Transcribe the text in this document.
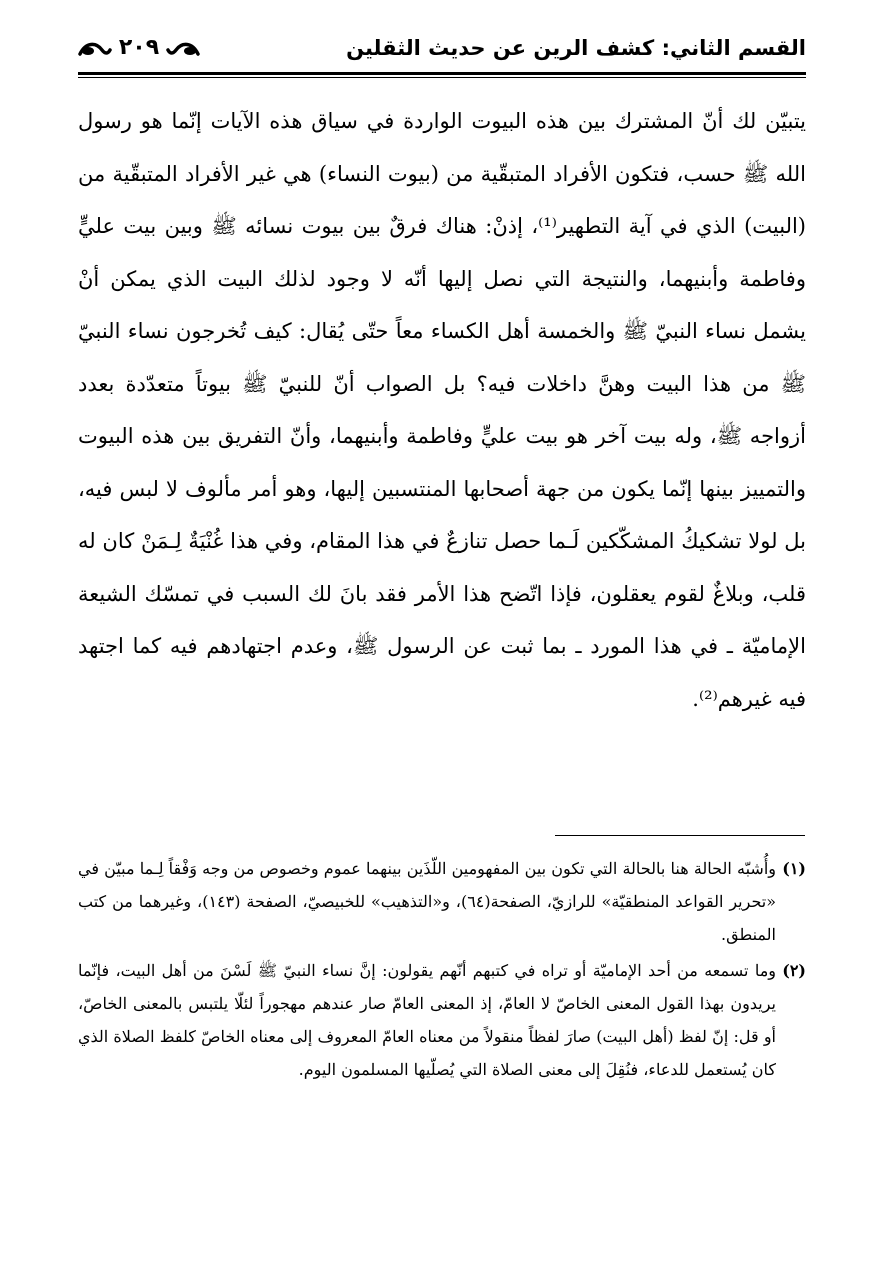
القسم الثاني: كشف الرين عن حديث الثقلين
٢٠٩

يتبيّن لك أنّ المشترك بين هذه البيوت الواردة في سياق هذه الآيات إنّما هو رسول الله ﷺ حسب، فتكون الأفراد المتبقّية من (بيوت النساء) هي غير الأفراد المتبقّية من (البيت) الذي في آية التطهير⁽¹⁾، إذنْ: هناك فرقٌ بين بيوت نسائه ﷺ وبين بيت عليٍّ وفاطمة وأبنيهما، والنتيجة التي نصل إليها أنّه لا وجود لذلك البيت الذي يمكن أنْ يشمل نساء النبيّ ﷺ والخمسة أهل الكساء معاً حتّى يُقال: كيف تُخرجون نساء النبيّ ﷺ من هذا البيت وهنَّ داخلات فيه؟ بل الصواب أنّ للنبيّ ﷺ بيوتاً متعدّدة بعدد أزواجه ﷺ، وله بيت آخر هو بيت عليٍّ وفاطمة وأبنيهما، وأنّ التفريق بين هذه البيوت والتمييز بينها إنّما يكون من جهة أصحابها المنتسبين إليها، وهو أمر مألوف لا لبس فيه، بل لولا تشكيكُ المشكّكين لَـما حصل تنازعٌ في هذا المقام، وفي هذا غُنْيَةٌ لِـمَنْ كان له قلب، وبلاغٌ لقوم يعقلون، فإذا اتّضح هذا الأمر فقد بانَ لك السبب في تمسّك الشيعة الإماميّة ـ في هذا المورد ـ بما ثبت عن الرسول ﷺ، وعدم اجتهادهم فيه كما اجتهد فيه غيرهم⁽²⁾.

(١)
وأُشبّه الحالة هنا بالحالة التي تكون بين المفهومين اللّذَين بينهما عموم وخصوص من وجه وَفْقاً لِـما مبيّن في «تحرير القواعد المنطقيّة» للرازيّ، الصفحة(٦٤)، و«التذهيب» للخبيصيّ، الصفحة (١٤٣)، وغيرهما من كتب المنطق.
(٢)
وما تسمعه من أحد الإماميّة أو تراه في كتبهم أنّهم يقولون: إنَّ نساء النبيّ ﷺ لَسْنَ من أهل البيت، فإنّما يريدون بهذا القول المعنى الخاصّ لا العامّ، إذ المعنى العامّ صار عندهم مهجوراً لئلّا يلتبس بالمعنى الخاصّ، أو قل: إنّ لفظ (أهل البيت) صارَ لفظاً منقولاً من معناه العامّ المعروف إلى معناه الخاصّ كلفظ الصلاة الذي كان يُستعمل للدعاء، فنُقِلَ إلى معنى الصلاة التي يُصلّيها المسلمون اليوم.
